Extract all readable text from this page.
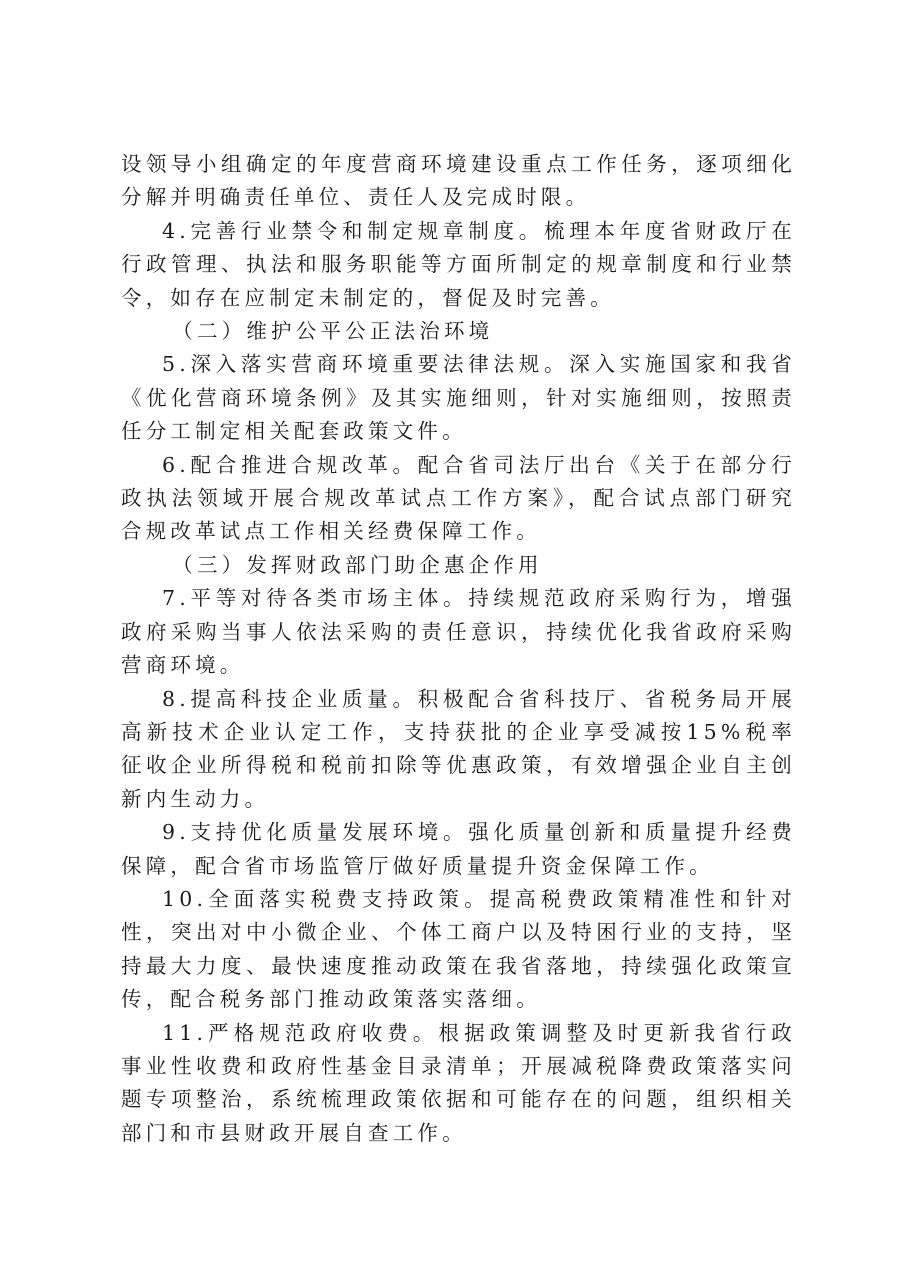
设领导小组确定的年度营商环境建设重点工作任务，逐项细化分解并明确责任单位、责任人及完成时限。

4.完善行业禁令和制定规章制度。梳理本年度省财政厅在行政管理、执法和服务职能等方面所制定的规章制度和行业禁令，如存在应制定未制定的，督促及时完善。

（二）维护公平公正法治环境

5.深入落实营商环境重要法律法规。深入实施国家和我省《优化营商环境条例》及其实施细则，针对实施细则，按照责任分工制定相关配套政策文件。

6.配合推进合规改革。配合省司法厅出台《关于在部分行政执法领域开展合规改革试点工作方案》，配合试点部门研究合规改革试点工作相关经费保障工作。

（三）发挥财政部门助企惠企作用

7.平等对待各类市场主体。持续规范政府采购行为，增强政府采购当事人依法采购的责任意识，持续优化我省政府采购营商环境。

8.提高科技企业质量。积极配合省科技厅、省税务局开展高新技术企业认定工作，支持获批的企业享受减按15%税率征收企业所得税和税前扣除等优惠政策，有效增强企业自主创新内生动力。

9.支持优化质量发展环境。强化质量创新和质量提升经费保障，配合省市场监管厅做好质量提升资金保障工作。

10.全面落实税费支持政策。提高税费政策精准性和针对性，突出对中小微企业、个体工商户以及特困行业的支持，坚持最大力度、最快速度推动政策在我省落地，持续强化政策宣传，配合税务部门推动政策落实落细。

11.严格规范政府收费。根据政策调整及时更新我省行政事业性收费和政府性基金目录清单；开展减税降费政策落实问题专项整治，系统梳理政策依据和可能存在的问题，组织相关部门和市县财政开展自查工作。
